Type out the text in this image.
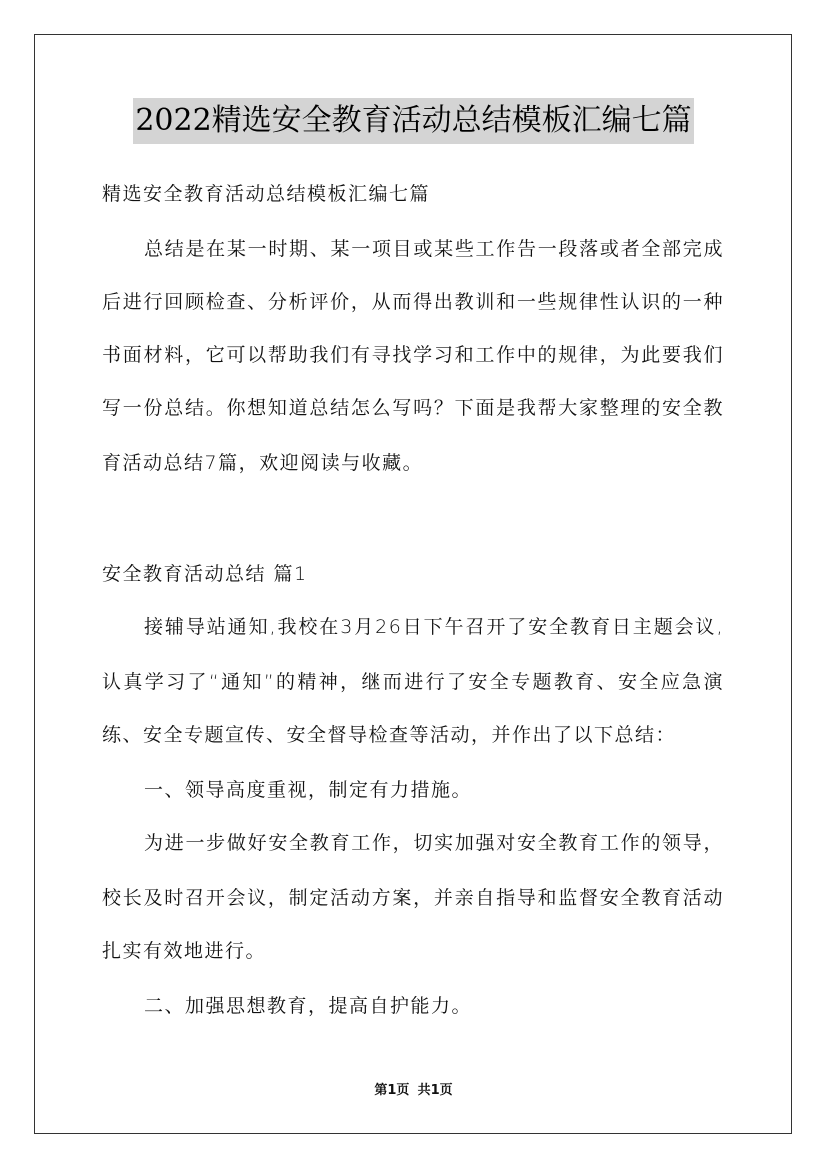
2022精选安全教育活动总结模板汇编七篇
精选安全教育活动总结模板汇编七篇
总结是在某一时期、某一项目或某些工作告一段落或者全部完成
后进行回顾检查、分析评价，从而得出教训和一些规律性认识的一种
书面材料，它可以帮助我们有寻找学习和工作中的规律，为此要我们
写一份总结。你想知道总结怎么写吗？下面是我帮大家整理的安全教
育活动总结7篇，欢迎阅读与收藏。
安全教育活动总结 篇1
接辅导站通知,我校在3月26日下午召开了安全教育日主题会议,
认真学习了“通知”的精神，继而进行了安全专题教育、安全应急演
练、安全专题宣传、安全督导检查等活动，并作出了以下总结：
一、领导高度重视，制定有力措施。
为进一步做好安全教育工作，切实加强对安全教育工作的领导，
校长及时召开会议，制定活动方案，并亲自指导和监督安全教育活动
扎实有效地进行。
二、加强思想教育，提高自护能力。
第1页 共1页
